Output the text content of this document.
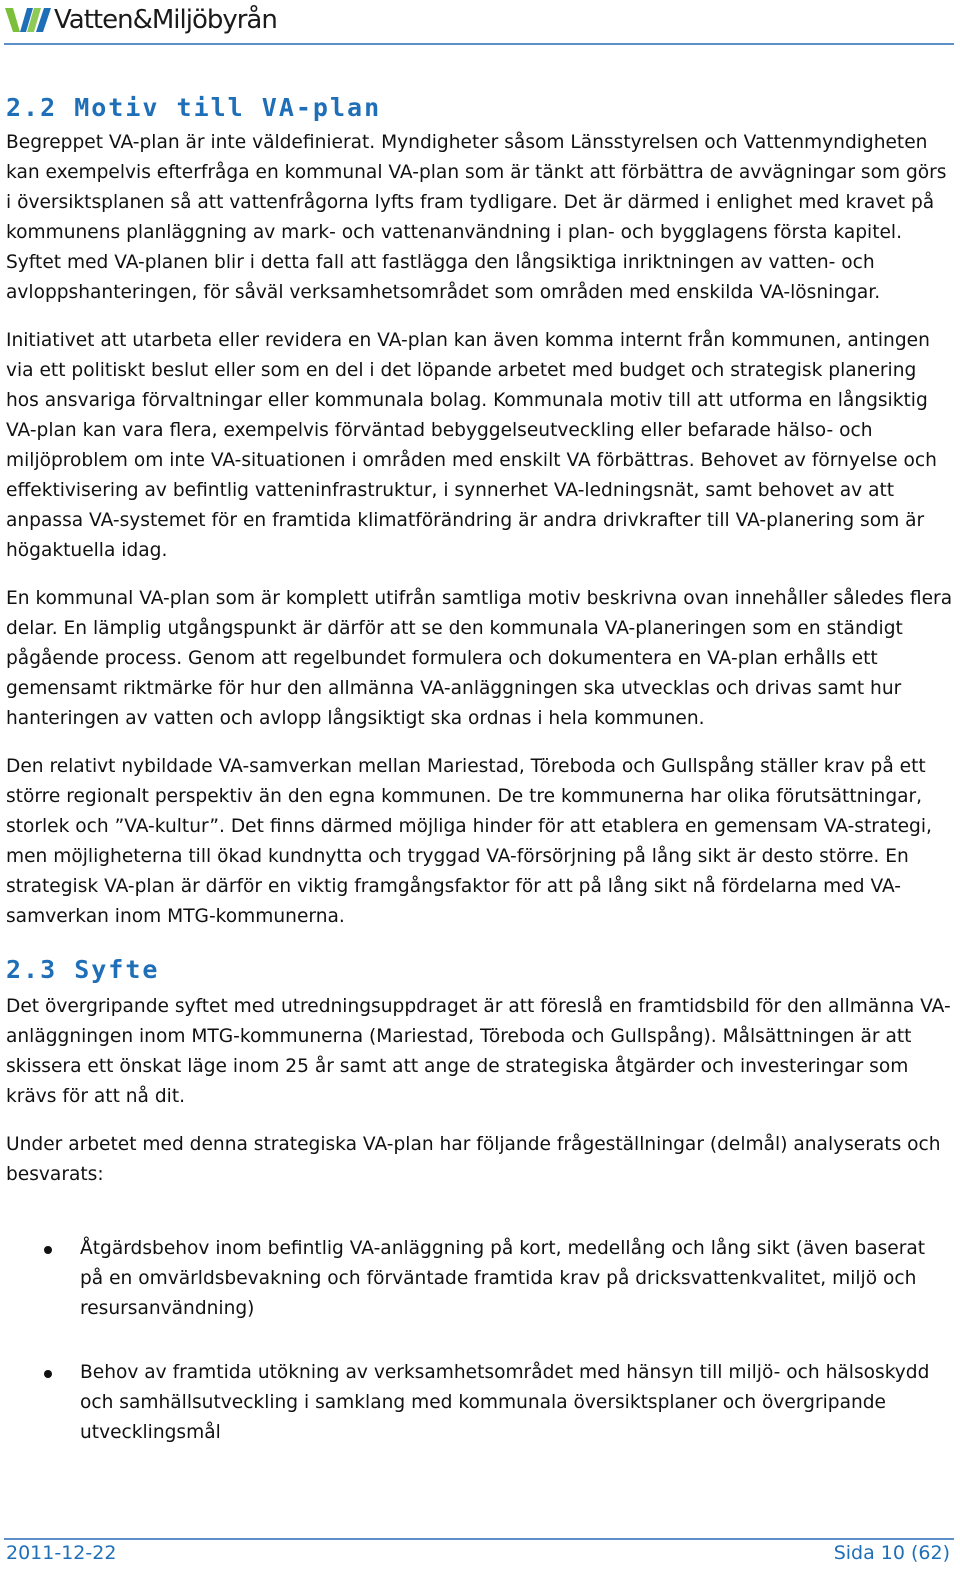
Vatten&Miljöbyrån
2.2 Motiv till VA-plan

Begreppet VA-plan är inte väldefinierat. Myndigheter såsom Länsstyrelsen och Vattenmyndigheten kan exempelvis efterfråga en kommunal VA-plan som är tänkt att förbättra de avvägningar som görs i översiktsplanen så att vattenfrågorna lyfts fram tydligare. Det är därmed i enlighet med kravet på kommunens planläggning av mark- och vattenanvändning i plan- och bygglagens första kapitel. Syftet med VA-planen blir i detta fall att fastlägga den långsiktiga inriktningen av vatten- och avloppshanteringen, för såväl verksamhetsområdet som områden med enskilda VA-lösningar.

Initiativet att utarbeta eller revidera en VA-plan kan även komma internt från kommunen, antingen via ett politiskt beslut eller som en del i det löpande arbetet med budget och strategisk planering hos ansvariga förvaltningar eller kommunala bolag. Kommunala motiv till att utforma en långsiktig VA-plan kan vara flera, exempelvis förväntad bebyggelseutveckling eller befarade hälso- och miljöproblem om inte VA-situationen i områden med enskilt VA förbättras. Behovet av förnyelse och effektivisering av befintlig vatteninfrastruktur, i synnerhet VA-ledningsnät, samt behovet av att anpassa VA-systemet för en framtida klimatförändring är andra drivkrafter till VA-planering som är högaktuella idag.

En kommunal VA-plan som är komplett utifrån samtliga motiv beskrivna ovan innehåller således flera delar. En lämplig utgångspunkt är därför att se den kommunala VA-planeringen som en ständigt pågående process. Genom att regelbundet formulera och dokumentera en VA-plan erhålls ett gemensamt riktmärke för hur den allmänna VA-anläggningen ska utvecklas och drivas samt hur hanteringen av vatten och avlopp långsiktigt ska ordnas i hela kommunen.

Den relativt nybildade VA-samverkan mellan Mariestad, Töreboda och Gullspång ställer krav på ett större regionalt perspektiv än den egna kommunen. De tre kommunerna har olika förutsättningar, storlek och ”VA-kultur”. Det finns därmed möjliga hinder för att etablera en gemensam VA-strategi, men möjligheterna till ökad kundnytta och tryggad VA-försörjning på lång sikt är desto större. En strategisk VA-plan är därför en viktig framgångsfaktor för att på lång sikt nå fördelarna med VA-samverkan inom MTG-kommunerna.

2.3 Syfte

Det övergripande syftet med utredningsuppdraget är att föreslå en framtidsbild för den allmänna VA-anläggningen inom MTG-kommunerna (Mariestad, Töreboda och Gullspång). Målsättningen är att skissera ett önskat läge inom 25 år samt att ange de strategiska åtgärder och investeringar som krävs för att nå dit.

Under arbetet med denna strategiska VA-plan har följande frågeställningar (delmål) analyserats och besvarats:

Åtgärdsbehov inom befintlig VA-anläggning på kort, medellång och lång sikt (även baserat på en omvärldsbevakning och förväntade framtida krav på dricksvattenkvalitet, miljö och resursanvändning)
Behov av framtida utökning av verksamhetsområdet med hänsyn till miljö- och hälsoskydd och samhällsutveckling i samklang med kommunala översiktsplaner och övergripande utvecklingsmål
2011-12-22	Sida 10 (62)
